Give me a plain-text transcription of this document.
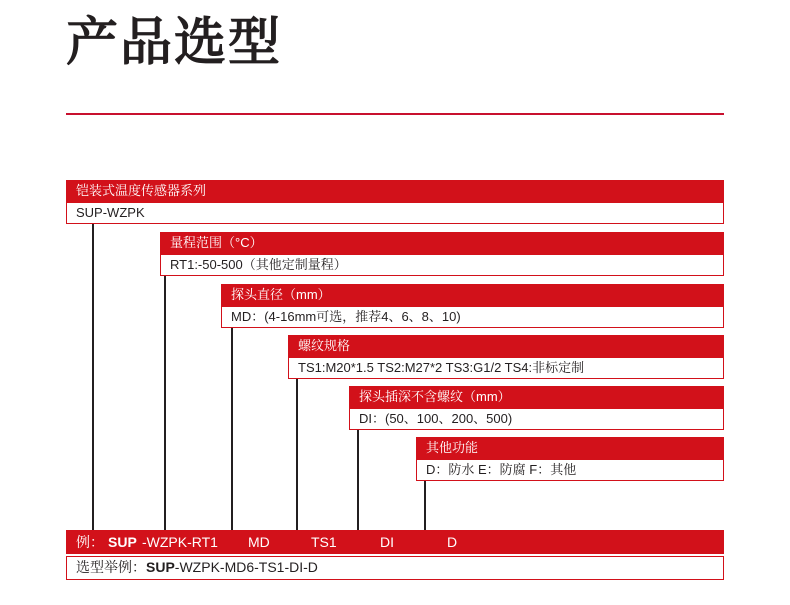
产品选型
铠装式温度传感器系列
SUP-WZPK
量程范围（°C）
RT1:-50-500（其他定制量程）
探头直径（mm）
MD：(4-16mm可选，推荐4、6、8、10)
螺纹规格
TS1:M20*1.5 TS2:M27*2 TS3:G1/2 TS4:非标定制
探头插深不含螺纹（mm）
DI：(50、100、200、500)
其他功能
D：防水 E：防腐 F：其他
例： SUP -WZPK-RT1 MD	TS1	DI	D
选型举例：SUP-WZPK-MD6-TS1-DI-D
